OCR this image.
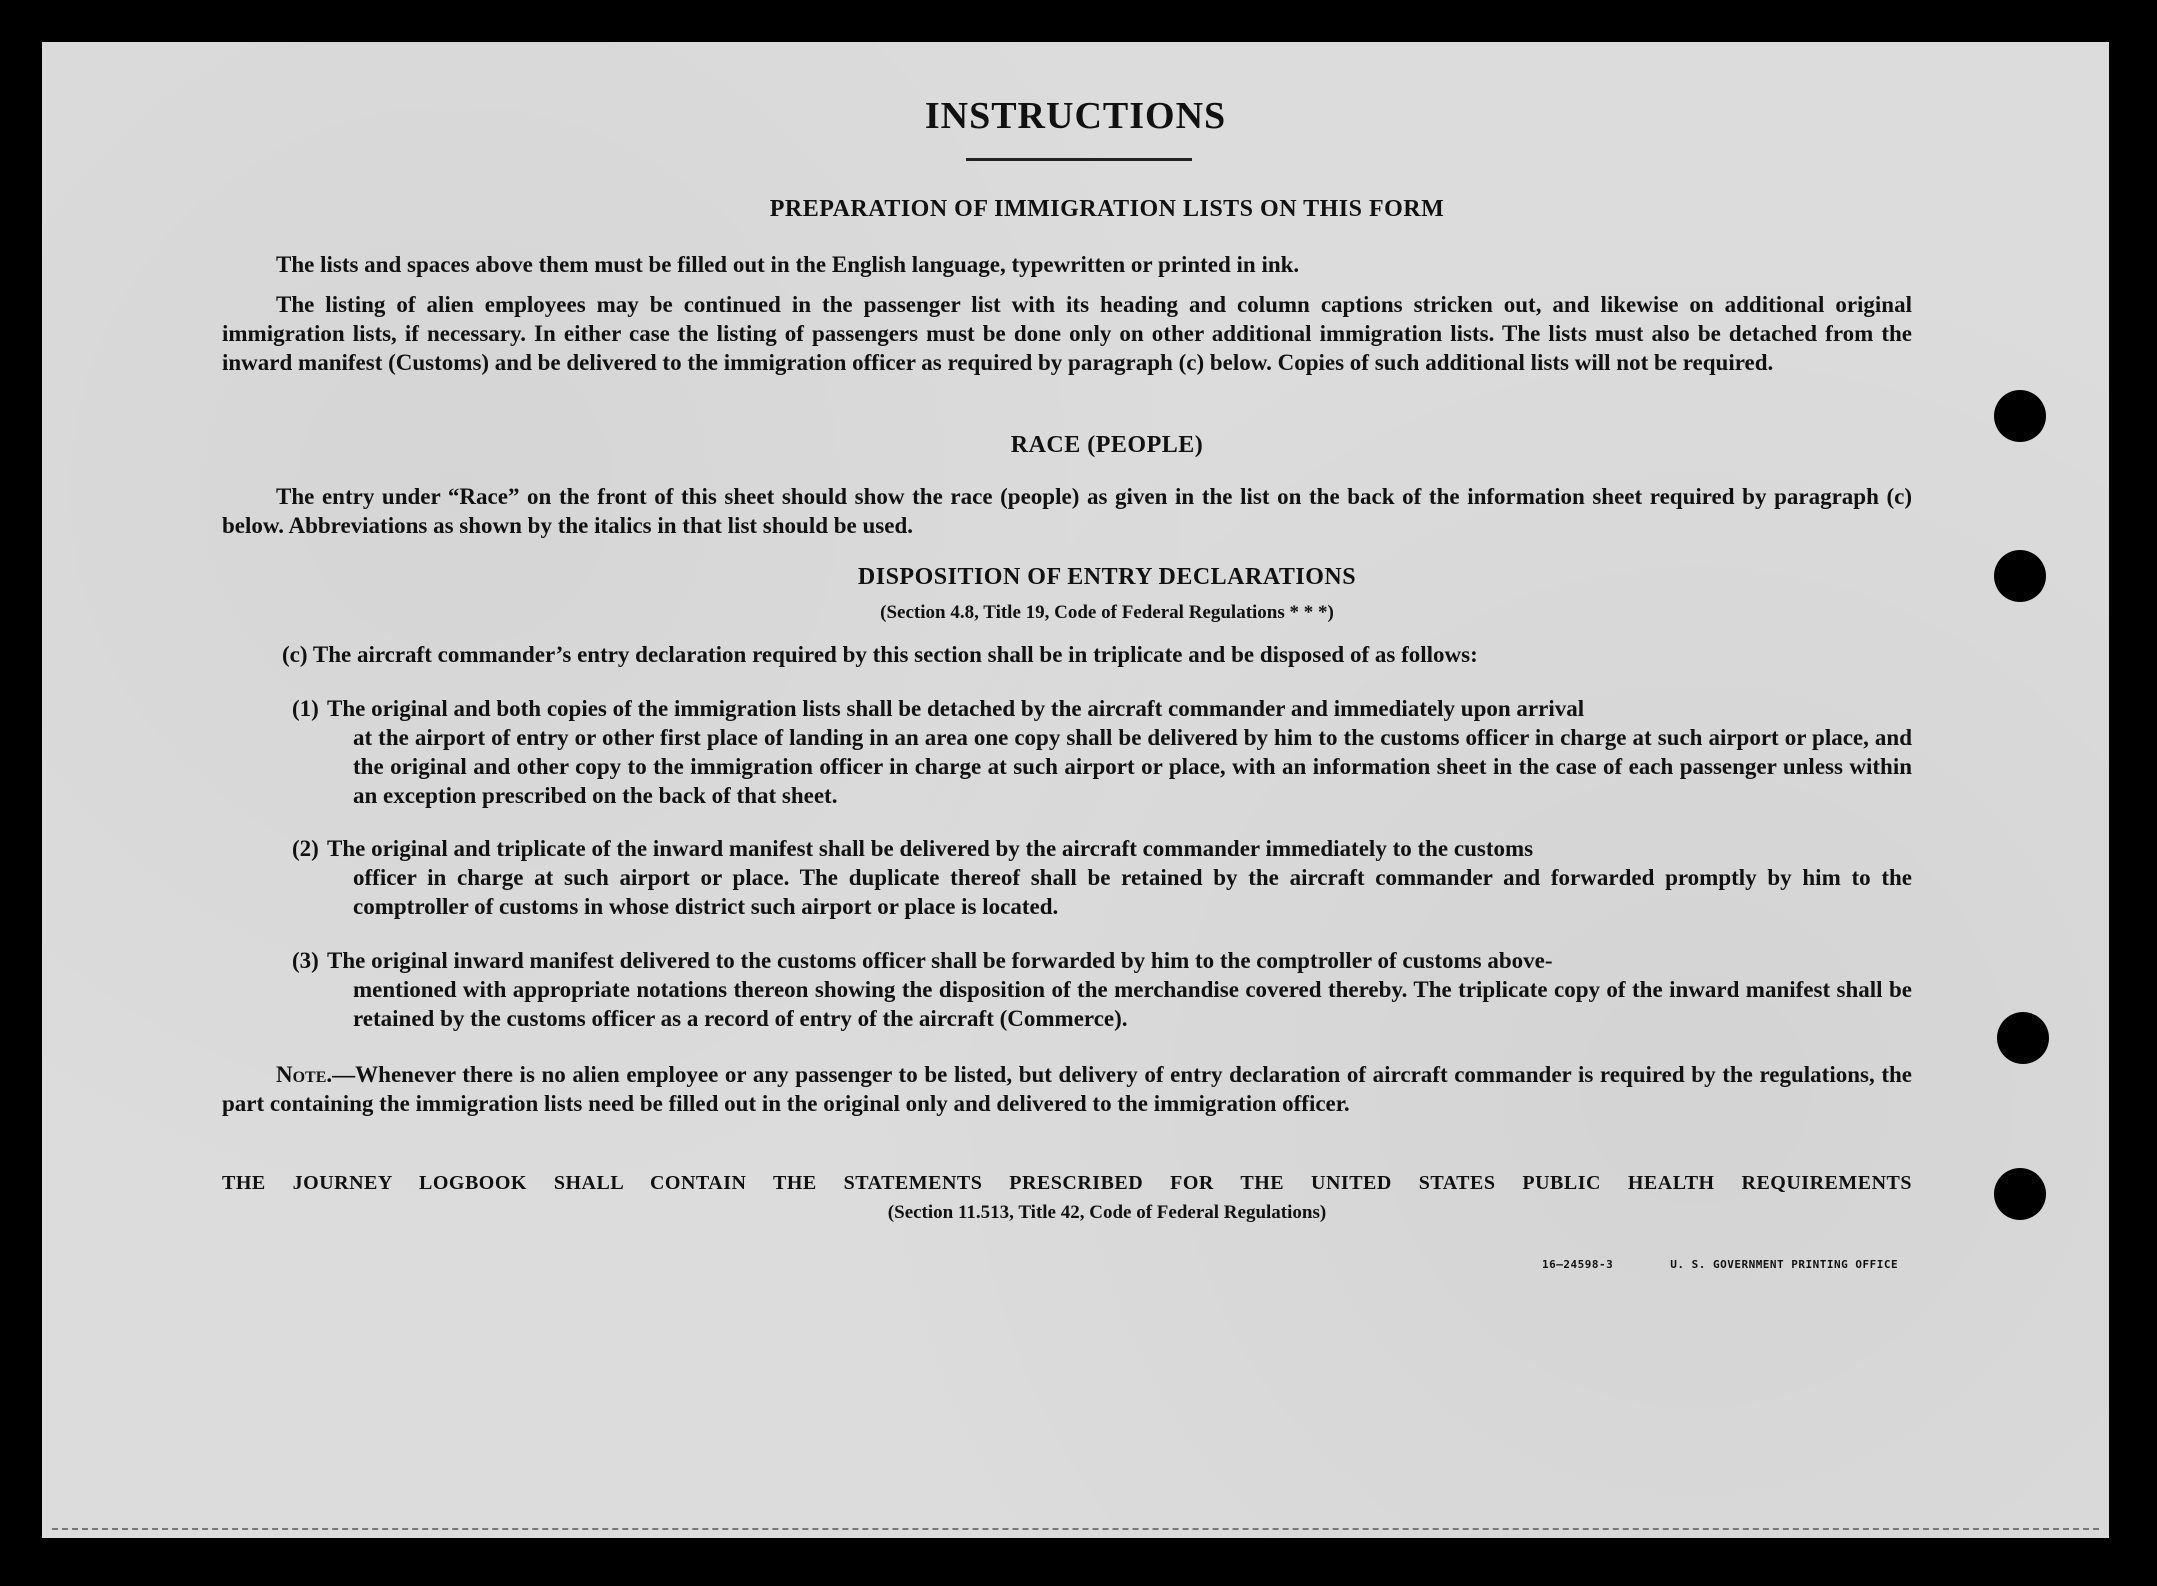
INSTRUCTIONS
PREPARATION OF IMMIGRATION LISTS ON THIS FORM
The lists and spaces above them must be filled out in the English language, typewritten or printed in ink.
The listing of alien employees may be continued in the passenger list with its heading and column captions stricken out, and likewise on additional original immigration lists, if necessary. In either case the listing of passengers must be done only on other additional immigration lists. The lists must also be detached from the inward manifest (Customs) and be delivered to the immigration officer as required by paragraph (c) below. Copies of such additional lists will not be required.
RACE (PEOPLE)
The entry under “Race” on the front of this sheet should show the race (people) as given in the list on the back of the information sheet required by paragraph (c) below. Abbreviations as shown by the italics in that list should be used.
DISPOSITION OF ENTRY DECLARATIONS
(Section 4.8, Title 19, Code of Federal Regulations * * *)
(c) The aircraft commander’s entry declaration required by this section shall be in triplicate and be disposed of as follows:
(1) The original and both copies of the immigration lists shall be detached by the aircraft commander and immediately upon arrival
at the airport of entry or other first place of landing in an area one copy shall be delivered by him to the customs officer in charge at such airport or place, and the original and other copy to the immigration officer in charge at such airport or place, with an information sheet in the case of each passenger unless within an exception prescribed on the back of that sheet.
(2) The original and triplicate of the inward manifest shall be delivered by the aircraft commander immediately to the customs
officer in charge at such airport or place. The duplicate thereof shall be retained by the aircraft commander and forwarded promptly by him to the comptroller of customs in whose district such airport or place is located.
(3) The original inward manifest delivered to the customs officer shall be forwarded by him to the comptroller of customs above-
mentioned with appropriate notations thereon showing the disposition of the merchandise covered thereby. The triplicate copy of the inward manifest shall be retained by the customs officer as a record of entry of the aircraft (Commerce).
Note.—Whenever there is no alien employee or any passenger to be listed, but delivery of entry declaration of aircraft commander is required by the regulations, the part containing the immigration lists need be filled out in the original only and delivered to the immigration officer.
THE JOURNEY LOGBOOK SHALL CONTAIN THE STATEMENTS PRESCRIBED FOR THE UNITED STATES PUBLIC HEALTH REQUIREMENTS
(Section 11.513, Title 42, Code of Federal Regulations)
16—24598-3	U. S. GOVERNMENT PRINTING OFFICE
